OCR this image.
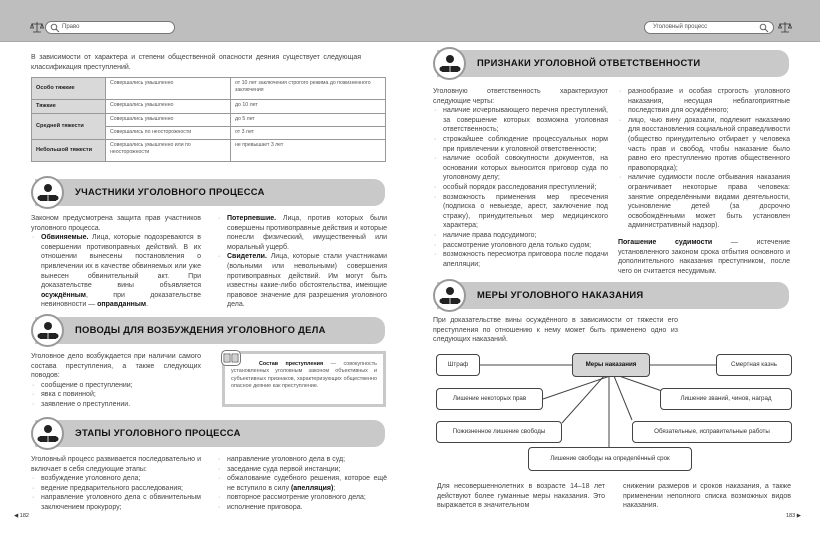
Право	Уголовный процесс
В зависимости от характера и степени общественной опасности деяния существует следующая классификация преступлений.
Особо тяжкие	Совершались умышленно	от 10 лет заключения строгого режима до пожизненного заключения
Тяжкие	Совершались умышленно	до 10 лет
Средней тяжести	Совершались умышленно	до 5 лет
	Совершались по неосторожности	от 3 лет
Небольшой тяжести	Совершались умышленно или по неосторожности	не превышает 3 лет
УЧАСТНИКИ УГОЛОВНОГО ПРОЦЕССА
Законом предусмотрена защита прав участников уголовного процесса.
· Обвиняемые. Лица, которые подозреваются в совершении противоправных действий. В их отношении вынесены постановления о привлечении их в качестве обвиняемых или уже вынесен обвинительный акт. При доказательстве вины объявляется осуждённым, при доказательстве невиновности — оправданным.
· Потерпевшие. Лица, против которых были совершены противоправные действия и которые понесли физический, имущественный или моральный ущерб.
· Свидетели. Лица, которые стали участниками (вольными или невольными) совершения противоправных действий. Им могут быть известны какие-либо обстоятельства, имеющие правовое значение для разрешения уголовного дела.
ПОВОДЫ ДЛЯ ВОЗБУЖДЕНИЯ УГОЛОВНОГО ДЕЛА
Уголовное дело возбуждается при наличии самого состава преступления, а также следующих поводов:
· сообщение о преступлении;
· явка с повинной;
· заявление о преступлении.
Состав преступления — совокупность установленных уголовным законом объективных и субъективных признаков, характеризующих общественно опасное деяние как преступление.
ЭТАПЫ УГОЛОВНОГО ПРОЦЕССА
Уголовный процесс развивается последовательно и включает в себя следующие этапы:
· возбуждение уголовного дела;
· ведение предварительного расследования;
· направление уголовного дела с обвинительным заключением прокурору;
· направление уголовного дела в суд;
· заседание суда первой инстанции;
· обжалование судебного решения, которое ещё не вступило в силу (апелляция);
· повторное рассмотрение уголовного дела;
· исполнение приговора.
◀ 182
ПРИЗНАКИ УГОЛОВНОЙ ОТВЕТСТВЕННОСТИ
Уголовную ответственность характеризуют следующие черты:
· наличие исчерпывающего перечня преступлений, за совершение которых возможна уголовная ответственность;
· строжайшее соблюдение процессуальных норм при привлечении к уголовной ответственности;
· наличие особой совокупности документов, на основании которых выносится приговор суда по уголовному делу;
· особый порядок расследования преступлений;
· возможность применения мер пресечения (подписка о невыезде, арест, заключение под стражу), принудительных мер медицинского характера;
· наличие права подсудимого;
· рассмотрение уголовного дела только судом;
· возможность пересмотра приговора после подачи апелляции;
· разнообразие и особая строгость уголовного наказания, несущая неблагоприятные последствия для осуждённого;
· лицо, чью вину доказали, подлежит наказанию для восстановления социальной справедливости (общество принудительно отбирает у человека часть прав и свобод, чтобы наказание было равно его преступлению против общественного правопорядка);
· наличие судимости после отбывания наказания ограничивает некоторые права человека: занятие определёнными видами деятельности, усыновление детей (за досрочно освобождёнными может быть установлен административный надзор).
Погашение судимости — истечение установленного законом срока отбытия основного и дополнительного наказания преступником, после чего он считается несудимым.
МЕРЫ УГОЛОВНОГО НАКАЗАНИЯ
При доказательстве вины осуждённого в зависимости от тяжести его преступления по отношению к нему может быть применено одно из следующих наказаний.
Меры наказания
Штраф	Смертная казнь
Лишение некоторых прав	Лишение званий, чинов, наград
Пожизненное лишение свободы	Обязательные, исправительные работы
Лишение свободы на определённый срок
Для несовершеннолетних в возрасте 14–18 лет действуют более гуманные меры наказания. Это выражается в значительном
снижении размеров и сроков наказания, а также применении неполного списка возможных видов наказания.
183 ▶
